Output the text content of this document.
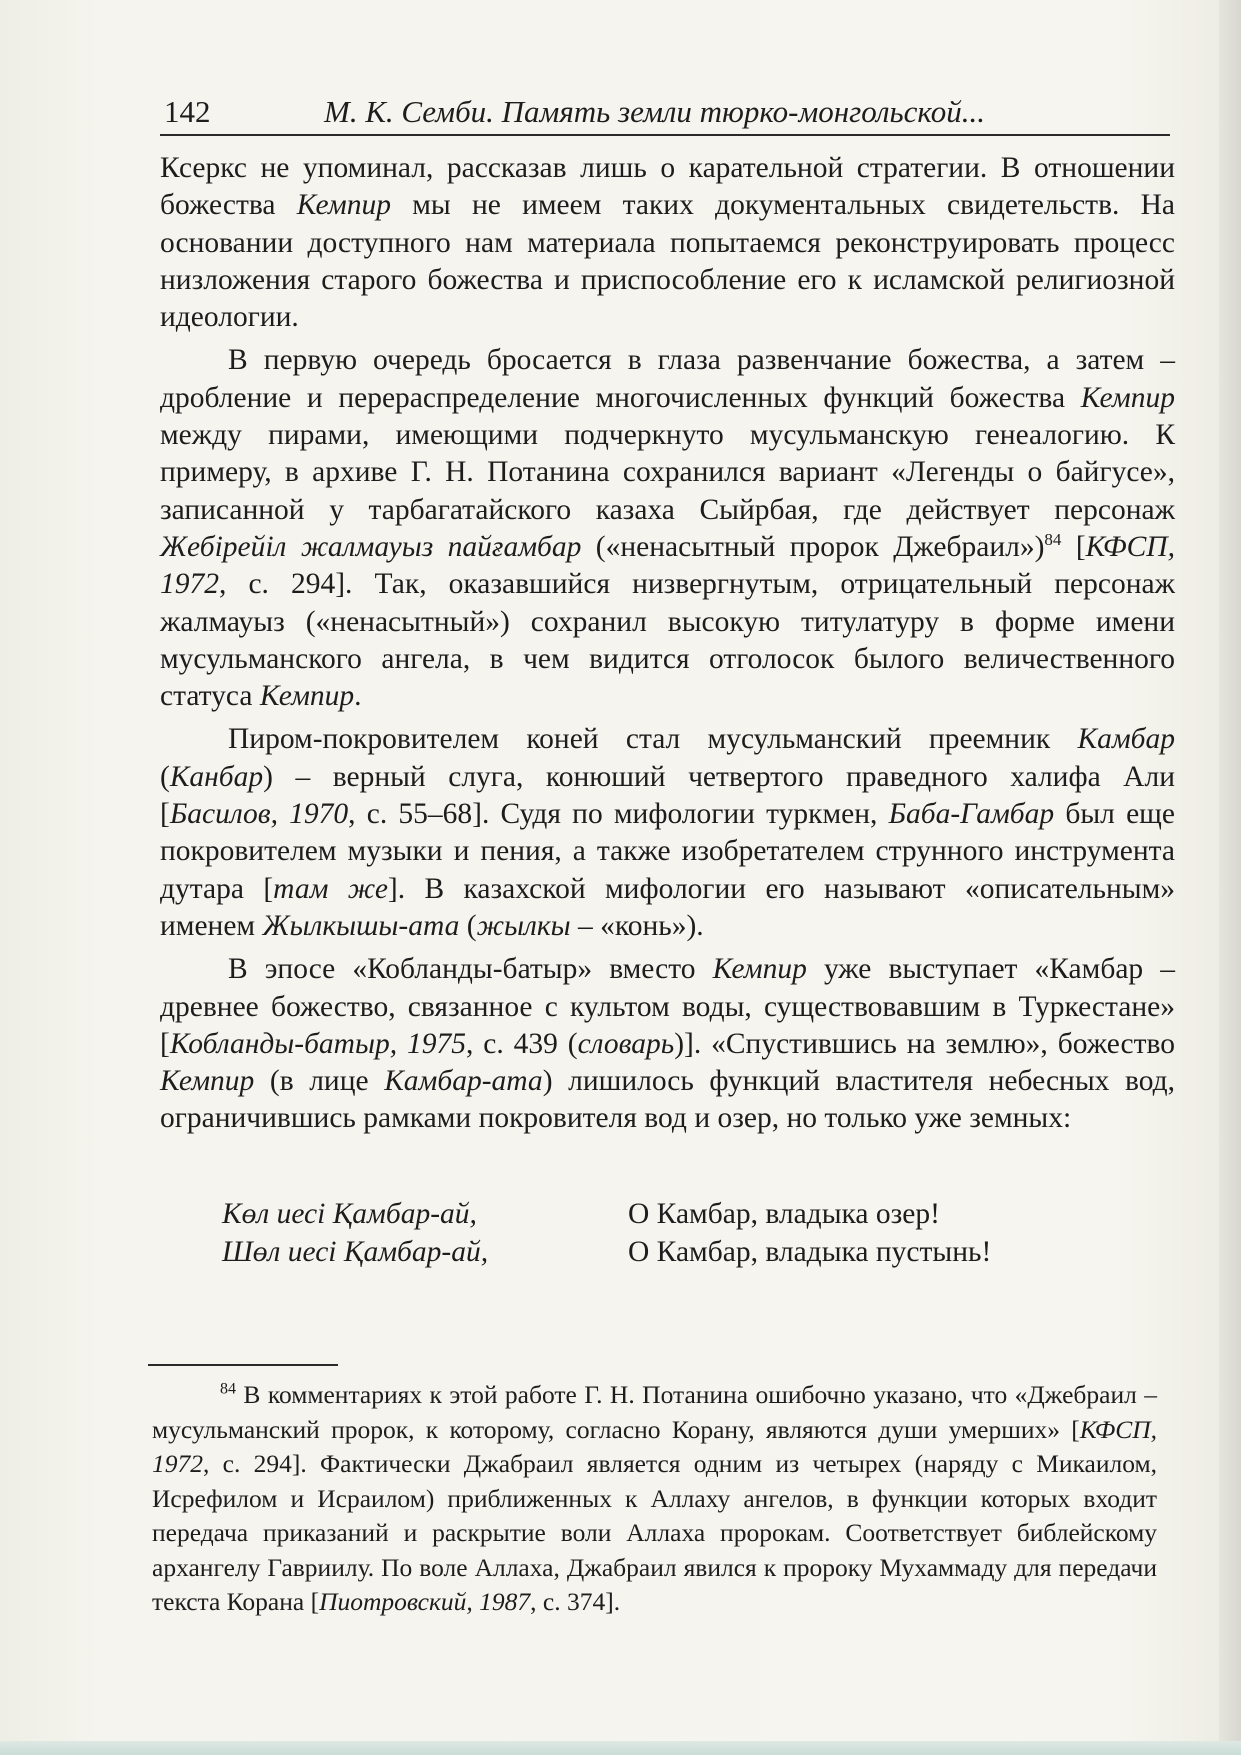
142	М. К. Семби. Память земли тюрко-монгольской...

Ксеркс не упоминал, рассказав лишь о карательной стратегии. В отношении божества Кемпир мы не имеем таких документальных свидетельств. На основании доступного нам материала попытаемся реконструировать процесс низложения старого божества и приспособление его к исламской религиозной идеологии.

В первую очередь бросается в глаза развенчание божества, а затем – дробление и перераспределение многочисленных функций божества Кемпир между пирами, имеющими подчеркнуто мусульманскую генеалогию. К примеру, в архиве Г. Н. Потанина сохранился вариант «Легенды о байгусе», записанной у тарбагатайского казаха Сыйрбая, где действует персонаж Жебірейіл жалмауыз пайғамбар («ненасытный пророк Джебраил»)$^{84}$ [КФСП, 1972, с. 294]. Так, оказавшийся низвергнутым, отрицательный персонаж жалмауыз («ненасытный») сохранил высокую титулатуру в форме имени мусульманского ангела, в чем видится отголосок былого величественного статуса Кемпир.

Пиром-покровителем коней стал мусульманский преемник Камбар (Канбар) – верный слуга, конюший четвертого праведного халифа Али [Басилов, 1970, с. 55–68]. Судя по мифологии туркмен, Баба-Гамбар был еще покровителем музыки и пения, а также изобретателем струнного инструмента дутара [там же]. В казахской мифологии его называют «описательным» именем Жылкышы-ата (жылкы – «конь»).

В эпосе «Кобланды-батыр» вместо Кемпир уже выступает «Камбар – древнее божество, связанное с культом воды, существовавшим в Туркестане» [Кобланды-батыр, 1975, с. 439 (словарь)]. «Спустившись на землю», божество Кемпир (в лице Камбар-ата) лишилось функций властителя небесных вод, ограничившись рамками покровителя вод и озер, но только уже земных:

Көл иесі Қамбар-ай,	О Камбар, владыка озер!
Шөл иесі Қамбар-ай,	О Камбар, владыка пустынь!
$^{84}$ В комментариях к этой работе Г. Н. Потанина ошибочно указано, что «Джебраил – мусульманский пророк, к которому, согласно Корану, являются души умерших» [КФСП, 1972, с. 294]. Фактически Джабраил является одним из четырех (наряду с Микаилом, Исрефилом и Исраилом) приближенных к Аллаху ангелов, в функции которых входит передача приказаний и раскрытие воли Аллаха пророкам. Соответствует библейскому архангелу Гавриилу. По воле Аллаха, Джабраил явился к пророку Мухаммаду для передачи текста Корана [Пиотровский, 1987, с. 374].
